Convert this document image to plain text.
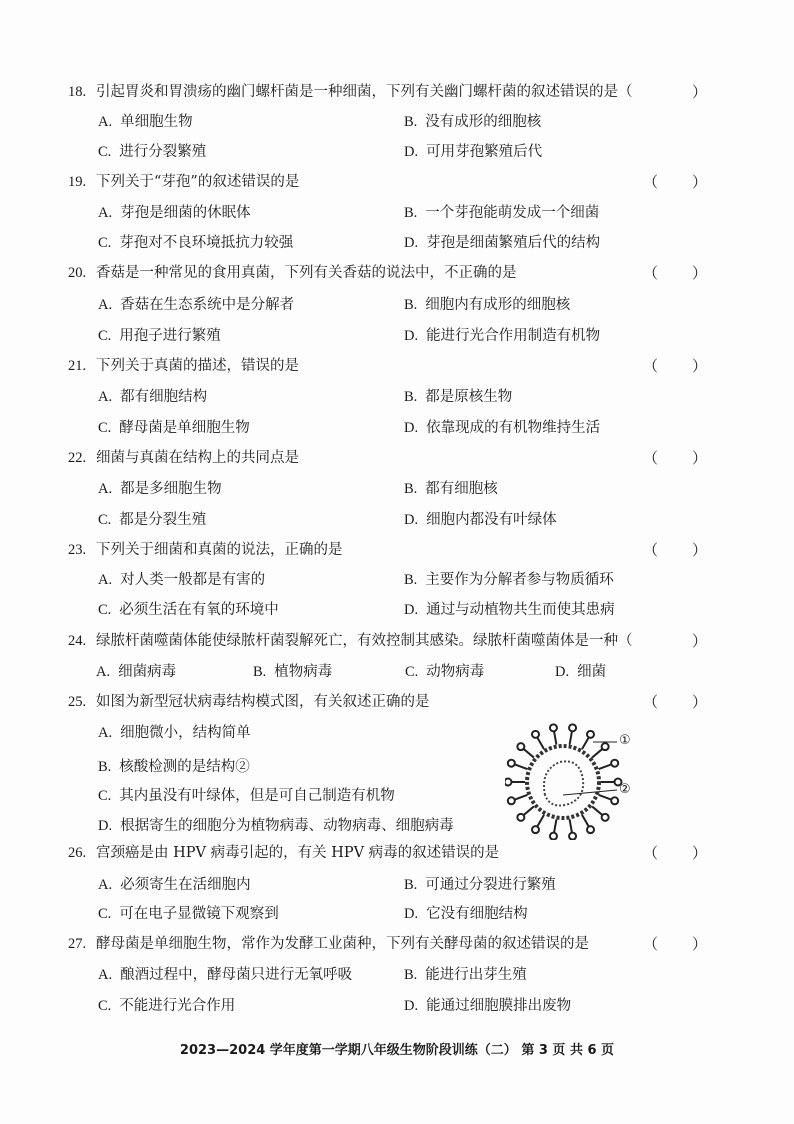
2023—2024 学年度第一学期八年级生物阶段训练（二） 第 3 页 共 6 页
18. 引起胃炎和胃溃疡的幽门螺杆菌是一种细菌，下列有关幽门螺杆菌的叙述错误的是（	）
A. 单细胞生物	B. 没有成形的细胞核
C. 进行分裂繁殖	D. 可用芽孢繁殖后代
19. 下列关于“芽孢”的叙述错误的是	（ ）
A. 芽孢是细菌的休眠体	B. 一个芽孢能萌发成一个细菌
C. 芽孢对不良环境抵抗力较强	D. 芽孢是细菌繁殖后代的结构
20. 香菇是一种常见的食用真菌，下列有关香菇的说法中，不正确的是	（ ）
A. 香菇在生态系统中是分解者	B. 细胞内有成形的细胞核
C. 用孢子进行繁殖	D. 能进行光合作用制造有机物
21. 下列关于真菌的描述，错误的是	（ ）
A. 都有细胞结构	B. 都是原核生物
C. 酵母菌是单细胞生物	D. 依靠现成的有机物维持生活
22. 细菌与真菌在结构上的共同点是	（ ）
A. 都是多细胞生物	B. 都有细胞核
C. 都是分裂生殖	D. 细胞内都没有叶绿体
23. 下列关于细菌和真菌的说法，正确的是	（ ）
A. 对人类一般都是有害的	B. 主要作为分解者参与物质循环
C. 必须生活在有氧的环境中	D. 通过与动植物共生而使其患病
24. 绿脓杆菌噬菌体能使绿脓杆菌裂解死亡，有效控制其感染。绿脓杆菌噬菌体是一种（	）
A. 细菌病毒	B. 植物病毒	C. 动物病毒	D. 细菌
25. 如图为新型冠状病毒结构模式图，有关叙述正确的是	（ ）
A. 细胞微小，结构简单
B. 核酸检测的是结构②
C. 其内虽没有叶绿体，但是可自己制造有机物
D. 根据寄生的细胞分为植物病毒、动物病毒、细胞病毒
26. 宫颈癌是由 HPV 病毒引起的，有关 HPV 病毒的叙述错误的是	（ ）
A. 必须寄生在活细胞内	B. 可通过分裂进行繁殖
C. 可在电子显微镜下观察到	D. 它没有细胞结构
27. 酵母菌是单细胞生物，常作为发酵工业菌种，下列有关酵母菌的叙述错误的是	（ ）
A. 酿酒过程中，酵母菌只进行无氧呼吸	B. 能进行出芽生殖
C. 不能进行光合作用	D. 能通过细胞膜排出废物
①
②
